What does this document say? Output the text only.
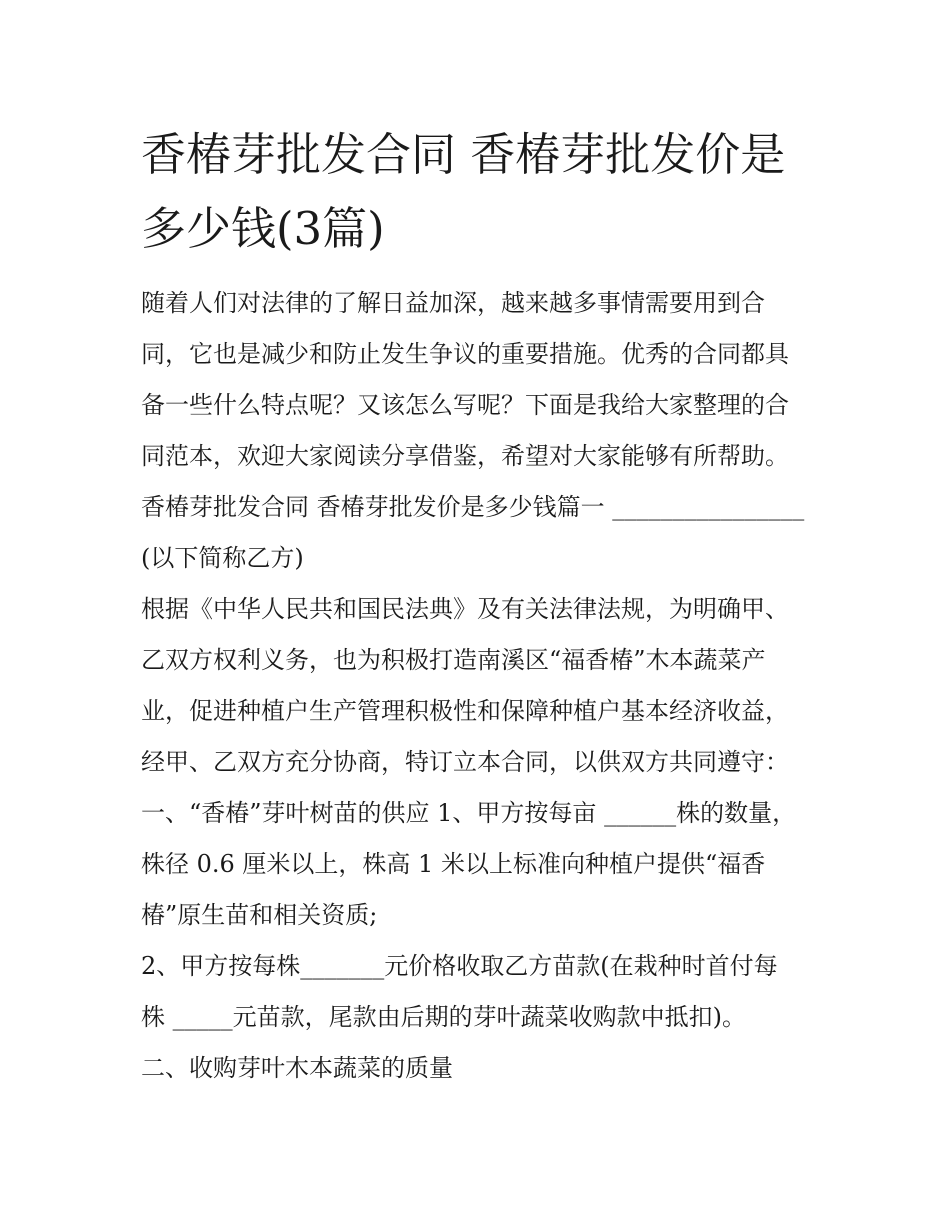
香椿芽批发合同 香椿芽批发价是多少钱(3篇)
随着人们对法律的了解日益加深，越来越多事情需要用到合
同，它也是减少和防止发生争议的重要措施。优秀的合同都具
备一些什么特点呢？又该怎么写呢？下面是我给大家整理的合
同范本，欢迎大家阅读分享借鉴，希望对大家能够有所帮助。
香椿芽批发合同 香椿芽批发价是多少钱篇一 ________________
(以下简称乙方)
根据《中华人民共和国民法典》及有关法律法规，为明确甲、
乙双方权利义务，也为积极打造南溪区“福香椿”木本蔬菜产
业，促进种植户生产管理积极性和保障种植户基本经济收益，
经甲、乙双方充分协商，特订立本合同，以供双方共同遵守：
一、“香椿”芽叶树苗的供应 1、甲方按每亩 ______株的数量，
株径 0.6 厘米以上，株高 1 米以上标准向种植户提供“福香
椿”原生苗和相关资质;
2、甲方按每株_______元价格收取乙方苗款(在栽种时首付每
株 _____元苗款，尾款由后期的芽叶蔬菜收购款中抵扣)。
二、收购芽叶木本蔬菜的质量
